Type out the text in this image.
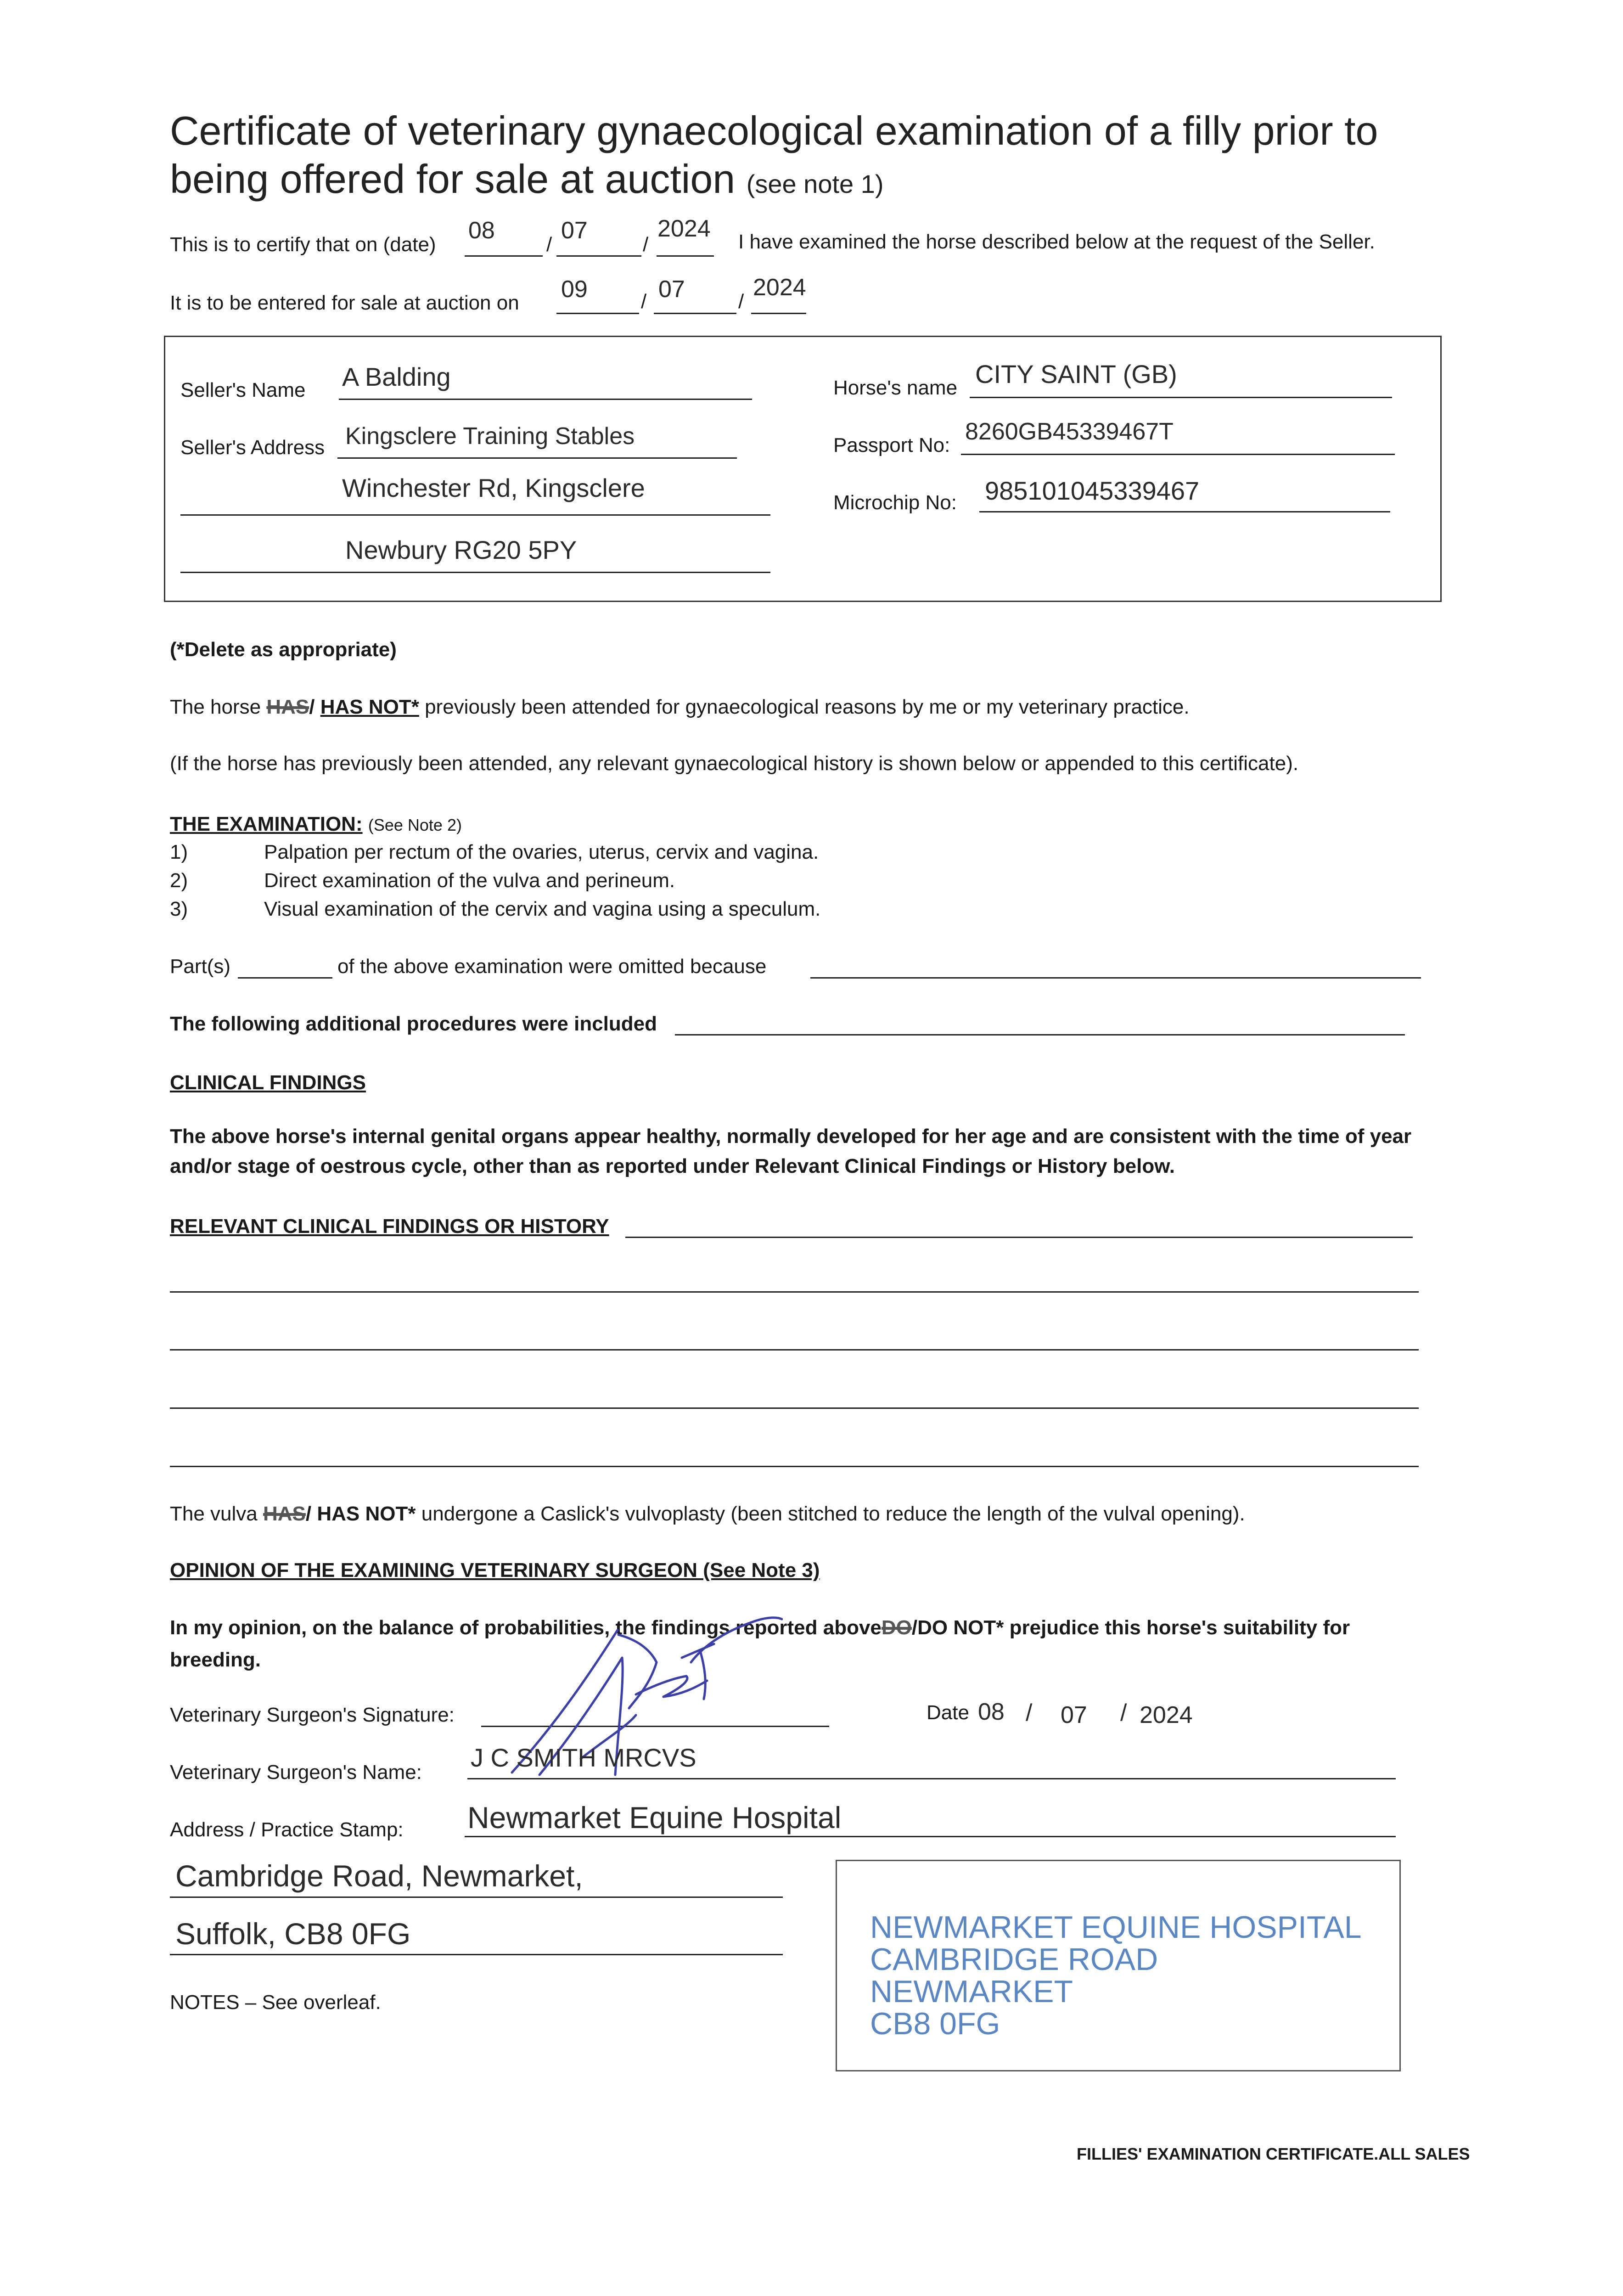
Certificate of veterinary gynaecological examination of a filly prior to
being offered for sale at auction (see note 1)
This is to certify that on (date)
08
/
07
/
2024 I have examined the horse described below at the request of the Seller.
It is to be entered for sale at auction on
09	/ 07	/
2024
Seller's Name A Balding
Seller's Address Kingsclere Training Stables
Winchester Rd, Kingsclere
Newbury RG20 5PY
Horse's name CITY SAINT (GB)
Passport No:
8260GB45339467T
Microchip No: 985101045339467
(*Delete as appropriate)
The horse HAS/ HAS NOT* previously been attended for gynaecological reasons by me or my veterinary practice.
(If the horse has previously been attended, any relevant gynaecological history is shown below or appended to this certificate).
THE EXAMINATION: (See Note 2)
1)	Palpation per rectum of the ovaries, uterus, cervix and vagina.
2)	Direct examination of the vulva and perineum.
3)	Visual examination of the cervix and vagina using a speculum.
Part(s)	of the above examination were omitted because
The following additional procedures were included
CLINICAL FINDINGS
The above horse's internal genital organs appear healthy, normally developed for her age and are consistent with the time of year
and/or stage of oestrous cycle, other than as reported under Relevant Clinical Findings or History below.
RELEVANT CLINICAL FINDINGS OR HISTORY
The vulva HAS/ HAS NOT* undergone a Caslick's vulvoplasty (been stitched to reduce the length of the vulval opening).
OPINION OF THE EXAMINING VETERINARY SURGEON (See Note 3)
In my opinion, on the balance of probabilities, the findings reported aboveDO/DO NOT* prejudice this horse's suitability for
breeding.
Veterinary Surgeon's Signature:	Date 08 / 07 / 2024
Veterinary Surgeon's Name:
J C SMITH MRCVS
Address / Practice Stamp: Newmarket Equine Hospital
Cambridge Road, Newmarket,
Suffolk, CB8 0FG	NEWMARKET EQUINE HOSPITAL
CAMBRIDGE ROAD
NEWMARKET
CB8 0FG
NOTES – See overleaf.
FILLIES' EXAMINATION CERTIFICATE.ALL SALES
